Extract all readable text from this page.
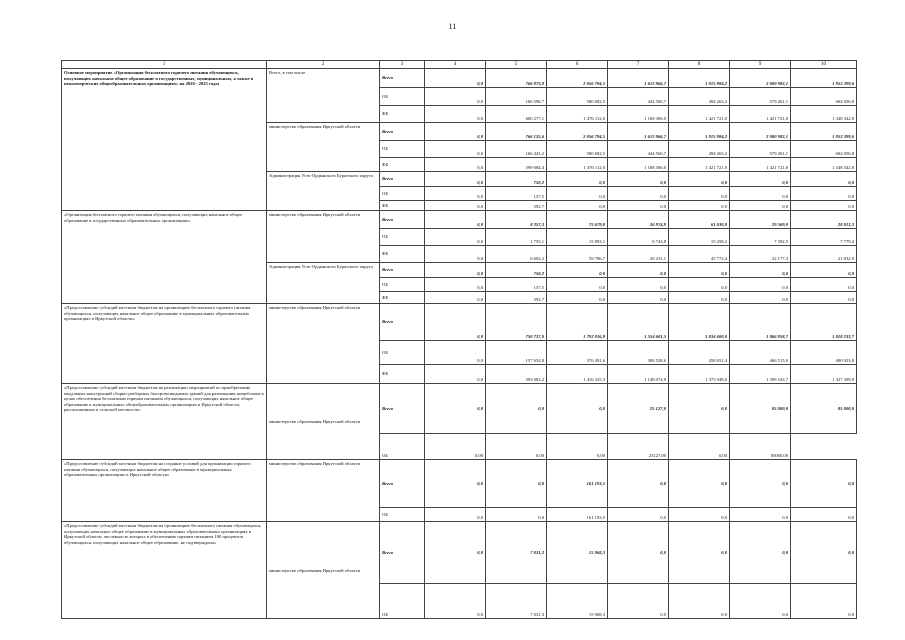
11
1	2	3	4	5	6	7	8	9	10
Основное мероприятие «Организация бесплатного горячего питания обучающихся, получающих начальное общее образование в государственных, муниципальных, а также в некоммерческих общеобразовательных организациях» на 2020 - 2025 годы	Всего, в том числе	Всего	0,0	766 875,8	2 056 794,5	1 612 866,7	1 915 984,2	2 000 982,1	1 952 399,6
		ОБ	0,0	166 598,7	580 682,5	444 560,7	494 263,2	579 261,1	604 056,8
		ФБ	0,0	600 277,1	1 476 112,0	1 168 306,0	1 421 721,0	1 421 721,0	1 348 342,8
	министерство образования Иркутской области	Всего	0,0	766 125,6	2 056 794,5	1 612 866,7	1 915 984,2	2 000 982,1	1 952 399,6
		ОБ	0,0	166 441,2	580 682,5	444 560,7	494 263,2	579 261,1	604 056,8
		ФБ	0,0	599 684,4	1 476 112,0	1 168 306,0	1 421 721,0	1 421 721,0	1 348 342,8
	Администрация Усть-Ордынского Бурятского округа	Всего	0,0	750,2	0,0	0,0	0,0	0,0	0,0
		ОБ	0,0	157,5	0,0	0,0	0,0	0,0	0,0
		ФБ	0,0	592,7	0,0	0,0	0,0	0,0	0,0
«Организация бесплатного горячего питания обучающихся, получающих начальное общее образование в государственных образовательных организациях»	министерство образования Иркутской области	Всего	0,0	8 357,3	75 679,8	26 974,9	61 030,8	29 569,8	28 812,3
		ОБ	0,0	1 755,1	15 893,1	6 743,8	15 258,2	7 392,5	7 779,4
		ФБ	0,0	6 602,2	59 786,7	20 231,1	45 772,4	22 177,3	21 032,9
	Администрация Усть-Ордынского Бурятского округа	Всего	0,0	750,2	0,0	0,0	0,0	0,0	0,0
		ОБ	0,0	157,5	0,0	0,0	0,0	0,0	0,0
		ФБ	0,0	592,7	0,0	0,0	0,0	0,0	0,0
«Предоставление субсидий местным бюджетам на организацию бесплатного горячего питания обучающихся, получающих начальное общее образование в муниципальных образовательных организациях в Иркутской области»	министерство образования Иркутской области	Всего	0,0	750 737,0	1 792 816,9	1 554 601,5	1 834 600,0	1 866 958,7	1 818 233,7
		ОБ	0,0	157 654,8	376 491,6	386 528,6	458 651,4	466 515,0	490 923,8
		ФБ	0,0	593 082,2	1 416 325,3	1 148 074,9	1 375 948,6	1 399 543,7	1 327 309,9
«Предоставление субсидий местным бюджетам на реализацию мероприятий по приобретению модульных конструкций сборно-разборных быстровозводимых зданий для размещения пищеблоков в целях обеспечения бесплатным горячим питанием обучающихся, получающих начальное общее образование в муниципальных общеобразовательных организациях в Иркутской области, расположенных в сельской местности»	министерство образования Иркутской области	Всего	0,0	0,0	0,0	25 127,0	0,0	85 000,0	85 000,0
		ОБ	0,00	0,00	0,00	25127,00	0,00	85000,00	
«Предоставление субсидий местным бюджетам на создание условий для организации горячего питания обучающихся, получающих начальное общее образование в муниципальных образовательных организациях в Иркутской области»	министерство образования Иркутской области	Всего	0,0	0,0	161 193,5	0,0	0,0	0,0	0,0
		ОБ	0,0	0,0	161 193,5	0,0	0,0	0,0	0,0
«Предоставление субсидий местным бюджетам на организацию бесплатного питания обучающихся, получающих начальное общее образование в муниципальных образовательных организациях в Иркутской области, численность которых в обеспечению горячим питанием 100 процентов обучающихся, получающих начальное общее образование, не подтверждена»	министерство образования Иркутской области	Всего	0,0	7 031,3	15 968,3	0,0	0,0	0,0	0,0
		ОБ	0,0	7 031,3	15 968,3	0,0	0,0	0,0	0,0
